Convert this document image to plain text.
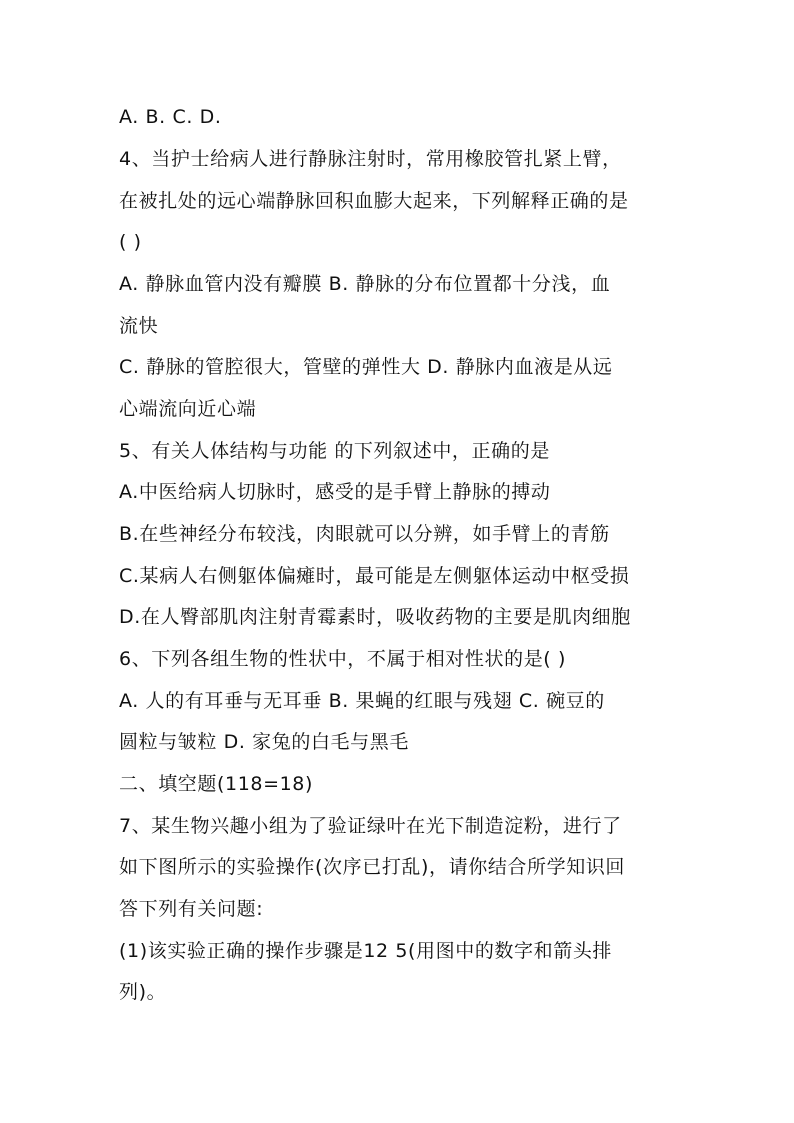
A. B. C. D.
4、当护士给病人进行静脉注射时，常用橡胶管扎紧上臂，
在被扎处的远心端静脉回积血膨大起来，下列解释正确的是
( )
A. 静脉血管内没有瓣膜 B. 静脉的分布位置都十分浅，血
流快
C. 静脉的管腔很大，管壁的弹性大 D. 静脉内血液是从远
心端流向近心端
5、有关人体结构与功能 的下列叙述中，正确的是
A.中医给病人切脉时，感受的是手臂上静脉的搏动
B.在些神经分布较浅，肉眼就可以分辨，如手臂上的青筋
C.某病人右侧躯体偏瘫时，最可能是左侧躯体运动中枢受损
D.在人臀部肌肉注射青霉素时，吸收药物的主要是肌肉细胞
6、下列各组生物的性状中，不属于相对性状的是( )
A. 人的有耳垂与无耳垂 B. 果蝇的红眼与残翅 C. 碗豆的
圆粒与皱粒 D. 家兔的白毛与黑毛
二、填空题(118=18)
7、某生物兴趣小组为了验证绿叶在光下制造淀粉，进行了
如下图所示的实验操作(次序已打乱)，请你结合所学知识回
答下列有关问题:
(1)该实验正确的操作步骤是12 5(用图中的数字和箭头排
列)。
